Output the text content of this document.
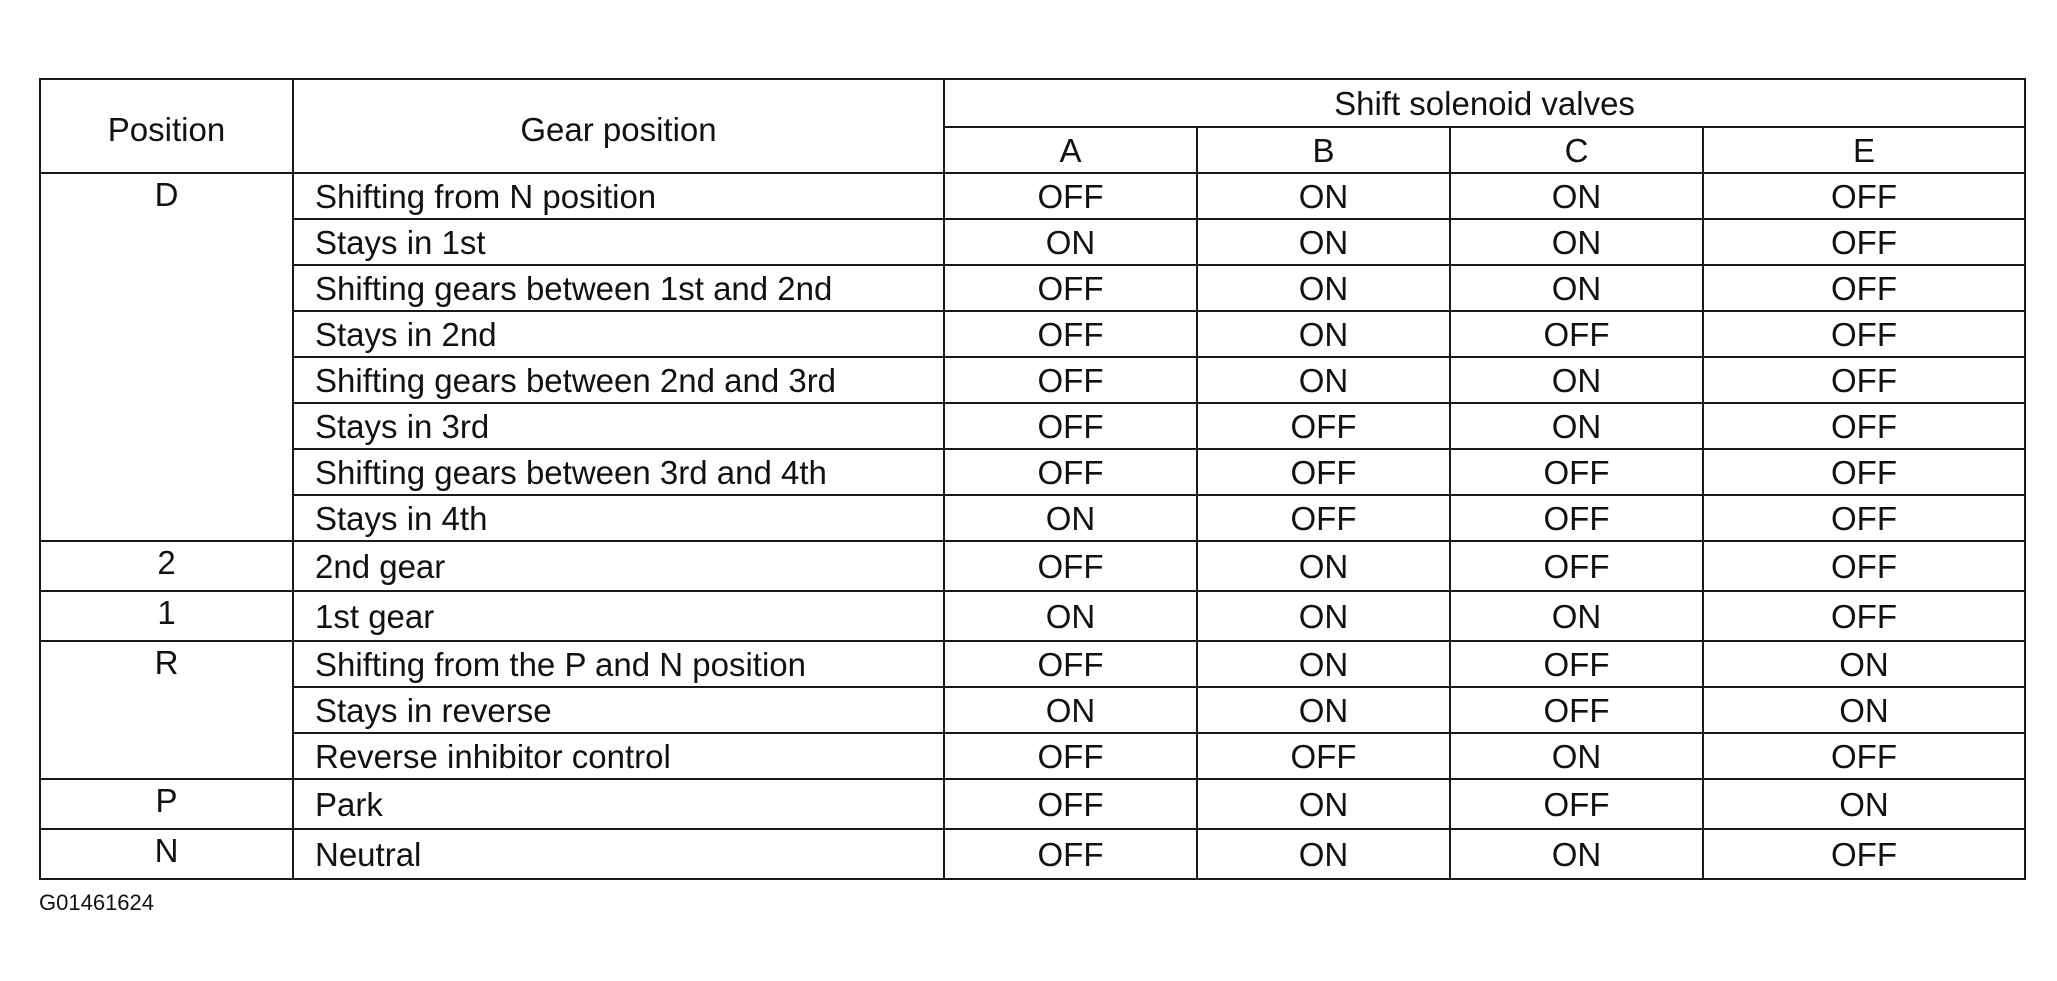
Position	Gear position	Shift solenoid valves			
		A	B	C	E
D	Shifting from N position	OFF	ON	ON	OFF
	Stays in 1st	ON	ON	ON	OFF
	Shifting gears between 1st and 2nd	OFF	ON	ON	OFF
	Stays in 2nd	OFF	ON	OFF	OFF
	Shifting gears between 2nd and 3rd	OFF	ON	ON	OFF
	Stays in 3rd	OFF	OFF	ON	OFF
	Shifting gears between 3rd and 4th	OFF	OFF	OFF	OFF
	Stays in 4th	ON	OFF	OFF	OFF
2	2nd gear	OFF	ON	OFF	OFF
1	1st gear	ON	ON	ON	OFF
R	Shifting from the P and N position	OFF	ON	OFF	ON
	Stays in reverse	ON	ON	OFF	ON
	Reverse inhibitor control	OFF	OFF	ON	OFF
P	Park	OFF	ON	OFF	ON
N	Neutral	OFF	ON	ON	OFF
G01461624
